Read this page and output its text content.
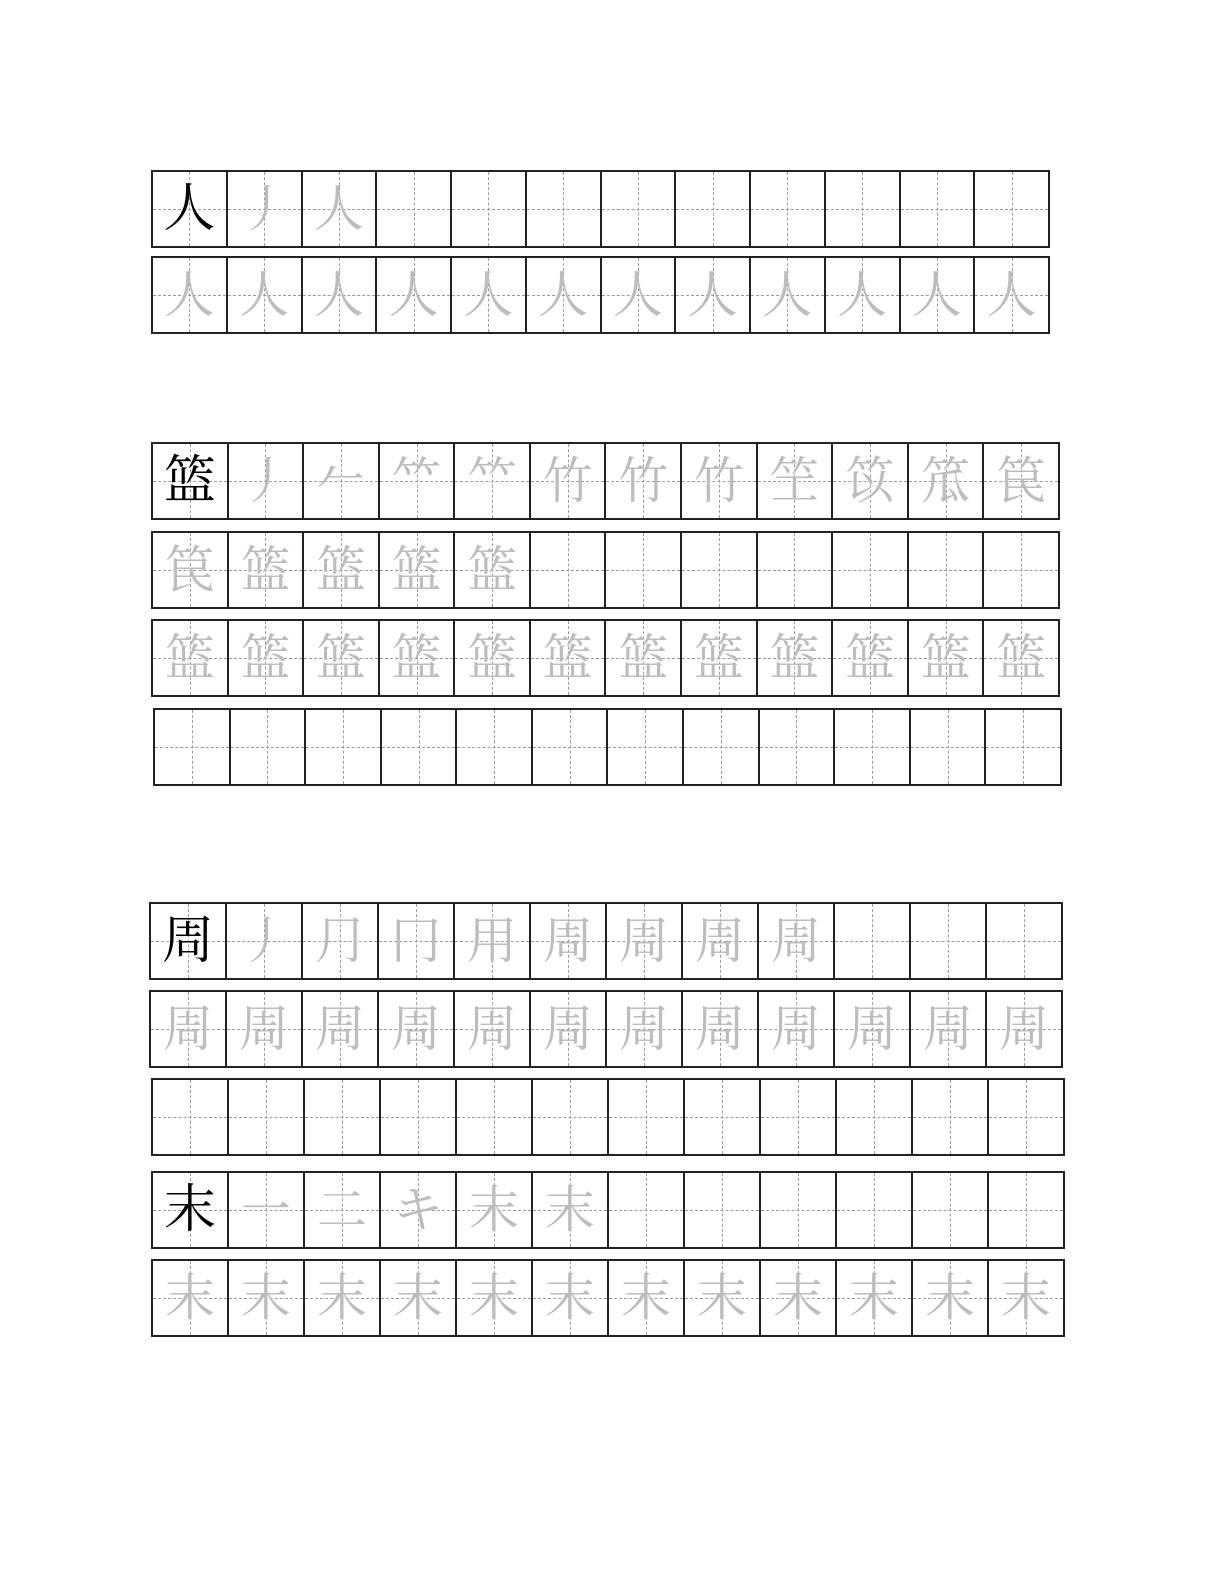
人 丿 人
人 人 人 人 人 人 人 人 人 人 人 人
篮 丿 𠂉 𥫗 𥫗 竹 竹 竹 笁 笖 笟 笢
笢 篮 篮 篮 篮
篮 篮 篮 篮 篮 篮 篮 篮 篮 篮 篮 篮
周 丿 ⺆ 冂 用 周 周 周 周
周 周 周 周 周 周 周 周 周 周 周 周
末 一 二 キ 末 末
末 末 末 末 末 末 末 末 末 末 末 末
